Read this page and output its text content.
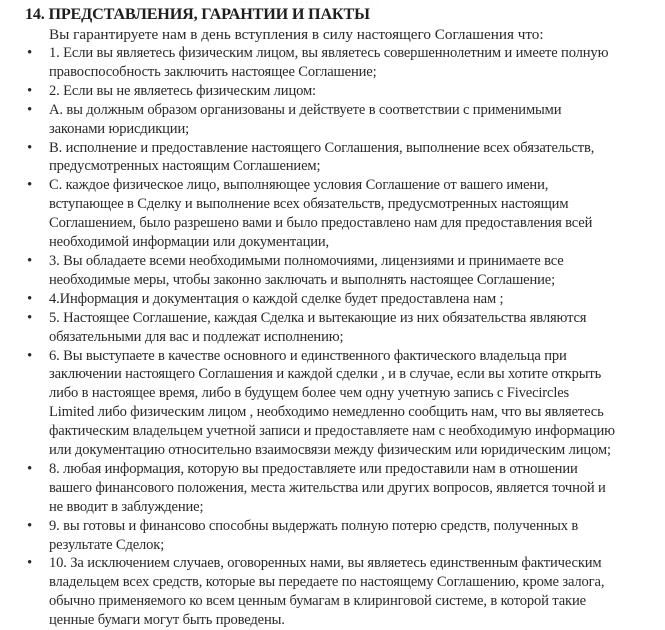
· · · · · · · · · · · · · · · · · · · · · · · · · · · ·
14. ПРЕДСТАВЛЕНИЯ, ГАРАНТИИ И ПАКТЫ
Вы гарантируете нам в день вступления в силу настоящего Соглашения что:
• 1. Если вы являетесь физическим лицом, вы являетесь совершеннолетним и имеете полную
правоспособность заключить настоящее Соглашение;
• 2. Если вы не являетесь физическим лицом:
• А. вы должным образом организованы и действуете в соответствии с применимыми
законами юрисдикции;
• В. исполнение и предоставление настоящего Соглашения, выполнение всех обязательств,
предусмотренных настоящим Соглашением;
• С. каждое физическое лицо, выполняющее условия Соглашение от вашего имени,
вступающее в Сделку и выполнение всех обязательств, предусмотренных настоящим
Соглашением, было разрешено вами и было предоставлено нам для предоставления всей
необходимой информации или документации,
• 3. Вы обладаете всеми необходимыми полномочиями, лицензиями и принимаете все
необходимые меры, чтобы законно заключать и выполнять настоящее Соглашение;
• 4.Информация и документация о каждой сделке будет предоставлена нам ;
• 5. Настоящее Соглашение, каждая Сделка и вытекающие из них обязательства являются
обязательными для вас и подлежат исполнению;
• 6. Вы выступаете в качестве основного и единственного фактического владельца при
заключении настоящего Соглашения и каждой сделки , и в случае, если вы хотите открыть
либо в настоящее время, либо в будущем более чем одну учетную запись с Fivecircles
Limited либо физическим лицом , необходимо немедленно сообщить нам, что вы являетесь
фактическим владельцем учетной записи и предоставляете нам с необходимую информацию
или документацию относительно взаимосвязи между физическим или юридическим лицом;
• 8. любая информация, которую вы предоставляете или предоставили нам в отношении
вашего финансового положения, места жительства или других вопросов, является точной и
не вводит в заблуждение;
• 9. вы готовы и финансово способны выдержать полную потерю средств, полученных в
результате Сделок;
• 10. За исключением случаев, оговоренных нами, вы являетесь единственным фактическим
владельцем всех средств, которые вы передаете по настоящему Соглашению, кроме залога,
обычно применяемого ко всем ценным бумагам в клиринговой системе, в которой такие
ценные бумаги могут быть проведены.
